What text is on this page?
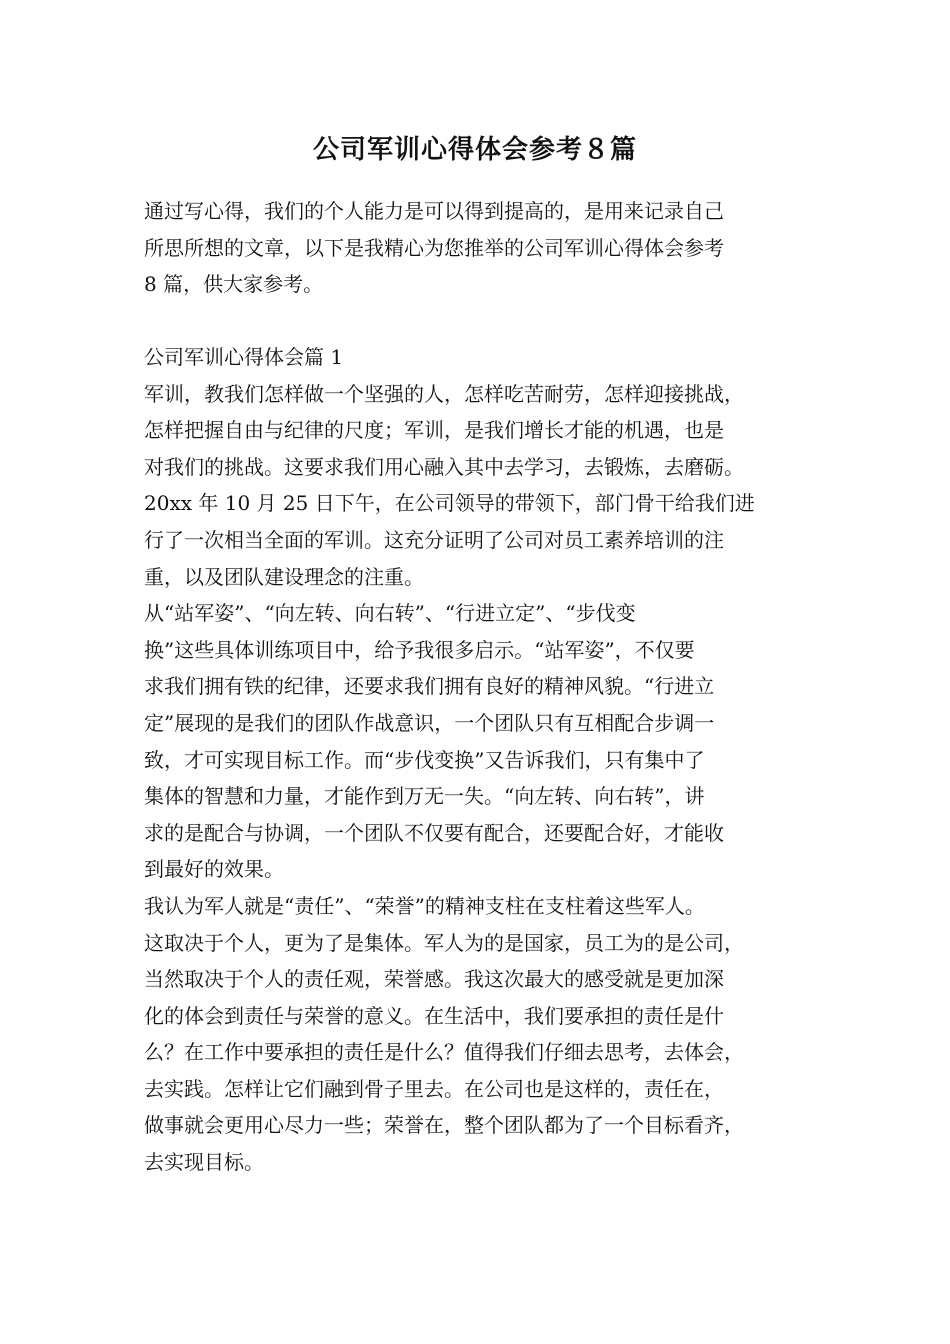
公司军训心得体会参考８篇
通过写心得，我们的个人能力是可以得到提高的，是用来记录自己
所思所想的文章，以下是我精心为您推举的公司军训心得体会参考
8 篇，供大家参考。
公司军训心得体会篇 1
军训，教我们怎样做一个坚强的人，怎样吃苦耐劳，怎样迎接挑战，
怎样把握自由与纪律的尺度；军训，是我们增长才能的机遇，也是
对我们的挑战。这要求我们用心融入其中去学习，去锻炼，去磨砺。
20xx 年 10 月 25 日下午，在公司领导的带领下，部门骨干给我们进
行了一次相当全面的军训。这充分证明了公司对员工素养培训的注
重，以及团队建设理念的注重。
从“站军姿”、“向左转、向右转”、“行进立定”、“步伐变
换”这些具体训练项目中，给予我很多启示。“站军姿”，不仅要
求我们拥有铁的纪律，还要求我们拥有良好的精神风貌。“行进立
定”展现的是我们的团队作战意识，一个团队只有互相配合步调一
致，才可实现目标工作。而“步伐变换”又告诉我们，只有集中了
集体的智慧和力量，才能作到万无一失。“向左转、向右转”，讲
求的是配合与协调，一个团队不仅要有配合，还要配合好，才能收
到最好的效果。
我认为军人就是“责任”、“荣誉”的精神支柱在支柱着这些军人。
这取决于个人，更为了是集体。军人为的是国家，员工为的是公司，
当然取决于个人的责任观，荣誉感。我这次最大的感受就是更加深
化的体会到责任与荣誉的意义。在生活中，我们要承担的责任是什
么？在工作中要承担的责任是什么？值得我们仔细去思考，去体会，
去实践。怎样让它们融到骨子里去。在公司也是这样的，责任在，
做事就会更用心尽力一些；荣誉在，整个团队都为了一个目标看齐，
去实现目标。
